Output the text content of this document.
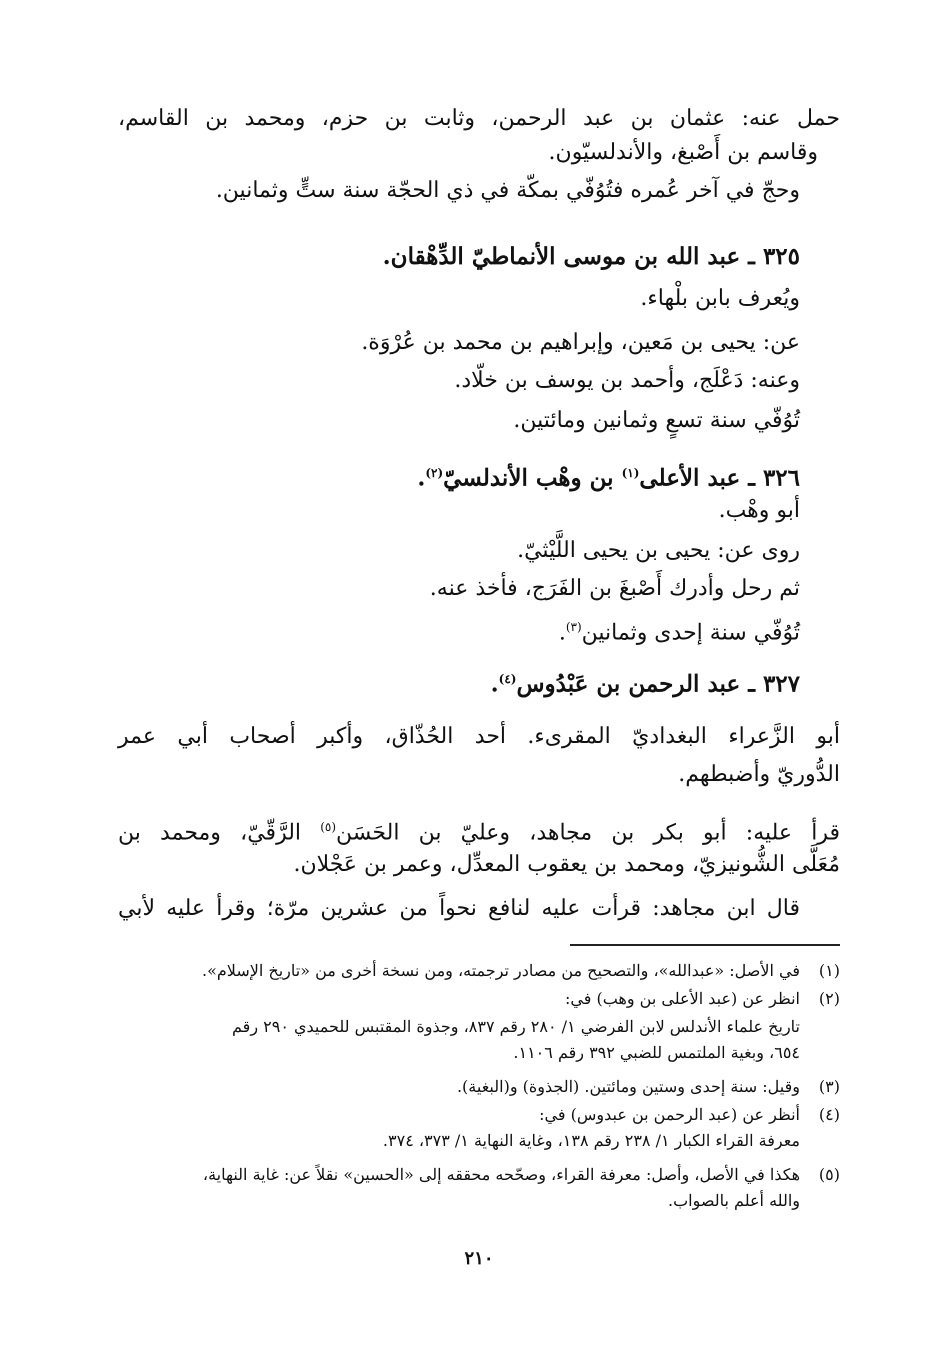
حمل عنه: عثمان بن عبد الرحمن، وثابت بن حزم، ومحمد بن القاسم،
وقاسم بن أَصْبغ، والأندلسيّون.
وحجّ في آخر عُمره فتُوُفّي بمكّة في ذي الحجّة سنة ستٍّ وثمانين.
٣٢٥ ـ عبد الله بن موسى الأنماطيّ الدِّهْقان.
ويُعرف بابن بلْهاء.
عن: يحيى بن مَعين، وإبراهيم بن محمد بن عُرْوَة.
وعنه: دَعْلَج، وأحمد بن يوسف بن خلّاد.
تُوُفّي سنة تسعٍ وثمانين ومائتين.
٣٢٦ ـ عبد الأعلى$^{(١)}$ بن وهْب الأندلسيّ$^{(٢)}$.
أبو وهْب.
روى عن: يحيى بن يحيى اللَّيْثيّ.
ثم رحل وأدرك أَصْبغَ بن الفَرَج، فأخذ عنه.
تُوُفّي سنة إحدى وثمانين$^{(٣)}$.
٣٢٧ ـ عبد الرحمن بن عَبْدُوس$^{(٤)}$.
أبو الزَّعراء البغداديّ المقرىء. أحد الحُذّاق، وأكبر أصحاب أبي عمر
الدُّوريّ وأضبطهم.
قرأ عليه: أبو بكر بن مجاهد، وعليّ بن الحَسَن$^{(٥)}$ الرَّقّيّ، ومحمد بن
مُعَلَّى الشُّونيزيّ، ومحمد بن يعقوب المعدِّل، وعمر بن عَجْلان.
قال ابن مجاهد: قرأت عليه لنافع نحواً من عشرين مرّة؛ وقرأ عليه لأبي
(١)في الأصل: «عبدالله»، والتصحيح من مصادر ترجمته، ومن نسخة أخرى من «تاريخ الإسلام».
(٢)انظر عن (عبد الأعلى بن وهب) في:
تاريخ علماء الأندلس لابن الفرضي ١/ ٢٨٠ رقم ٨٣٧، وجذوة المقتبس للحميدي ٢٩٠ رقم
٦٥٤، وبغية الملتمس للضبي ٣٩٢ رقم ١١٠٦.
(٣)وقيل: سنة إحدى وستين ومائتين. (الجذوة) و(البغية).
(٤)أنظر عن (عبد الرحمن بن عبدوس) في:
معرفة القراء الكبار ١/ ٢٣٨ رقم ١٣٨، وغاية النهاية ١/ ٣٧٣، ٣٧٤.
(٥)هكذا في الأصل، وأصل: معرفة القراء، وصحّحه محققه إلى «الحسين» نقلاً عن: غاية النهاية،
والله أعلم بالصواب.
٢١٠
